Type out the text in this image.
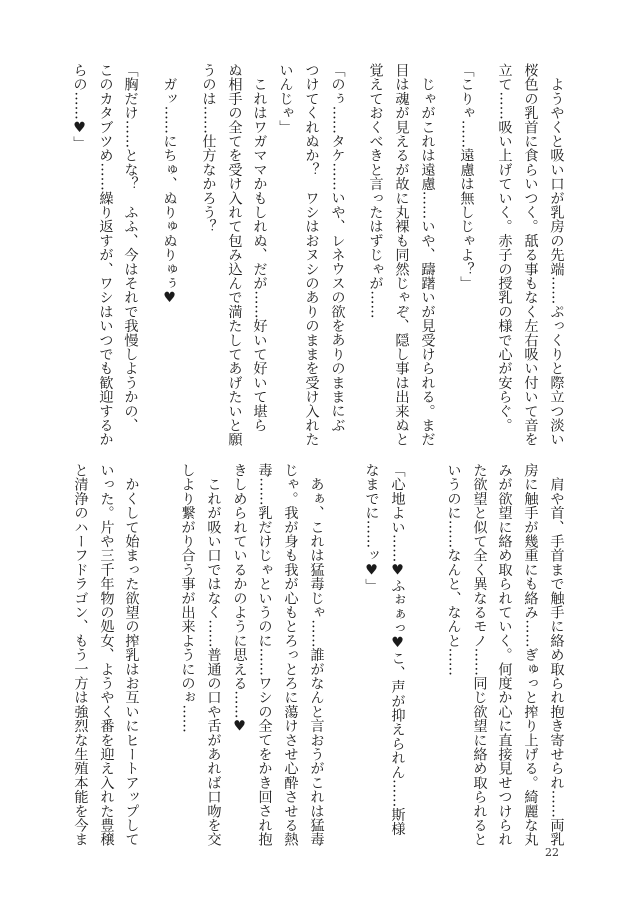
　ようやくと吸い口が乳房の先端……ぷっくりと際立つ淡い
桜色の乳首に食らいつく。舐る事もなく左右吸い付いて音を
立て……吸い上げていく。赤子の授乳の様で心が安らぐ。
「こりゃ……遠慮は無しじゃよ？」
　じゃがこれは遠慮……いや、躊躇いが見受けられる。まだ
目は魂が見えるが故に丸裸も同然じゃぞ、隠し事は出来ぬと
覚えておくべきと言ったはずじゃが……
「のぅ……タケ……いや、レネウスの欲をありのままにぶ
つけてくれぬか？　ワシはおヌシのありのままを受け入れた
いんじゃ」
　これはワガママかもしれぬ、だが……好いて好いて堪ら
ぬ相手の全てを受け入れて包み込んで満たしてあげたいと願
うのは……仕方なかろう？
　ガッ……にちゅ、ぬりゅぬりゅぅ♥
「胸だけ……とな？　ふふ、今はそれで我慢しようかの、
このカタブツめ……繰り返すが、ワシはいつでも歓迎するか
らの……♥」
　肩や首、手首まで触手に絡め取られ抱き寄せられ……両乳
房に触手が幾重にも絡み……ぎゅっと搾り上げる。綺麗な丸
みが欲望に絡め取られていく。何度か心に直接見せつけられ
た欲望と似て全く異なるモノ……同じ欲望に絡め取られると
いうのに……なんと、なんと……
「心地よい……♥ふぉぁっ♥こ、声が抑えられん……斯様
なまでに……ッ♥」
　あぁ、これは猛毒じゃ……誰がなんと言おうがこれは猛毒
じゃ。我が身も我が心もとろっとろに蕩けさせ心酔させる熱
毒……乳だけじゃというのに……ワシの全てをかき回され抱
きしめられているかのように思える……♥
　これが吸い口ではなく……普通の口や舌があれば口吻を交
しより繋がり合う事が出来ようにのぉ……
　かくして始まった欲望の搾乳はお互いにヒートアップして
いった。片や三千年物の処女、ようやく番を迎え入れた豊穣
と清浄のハーフドラゴン、もう一方は強烈な生殖本能を今ま
22
